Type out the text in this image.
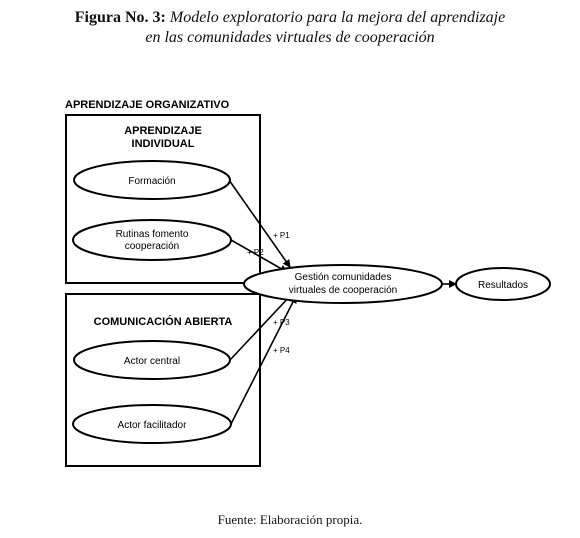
Figura No. 3: Modelo exploratorio para la mejora del aprendizaje
en las comunidades virtuales de cooperación
APRENDIZAJE ORGANIZATIVO
APRENDIZAJE
INDIVIDUAL
COMUNICACIÓN ABIERTA
+ P1
+ P2
+ P3
+ P4
Formación
Rutinas fomento
cooperación
Actor central
Actor facilitador
Gestión comunidades
virtuales de cooperación	Resultados
Fuente: Elaboración propia.
